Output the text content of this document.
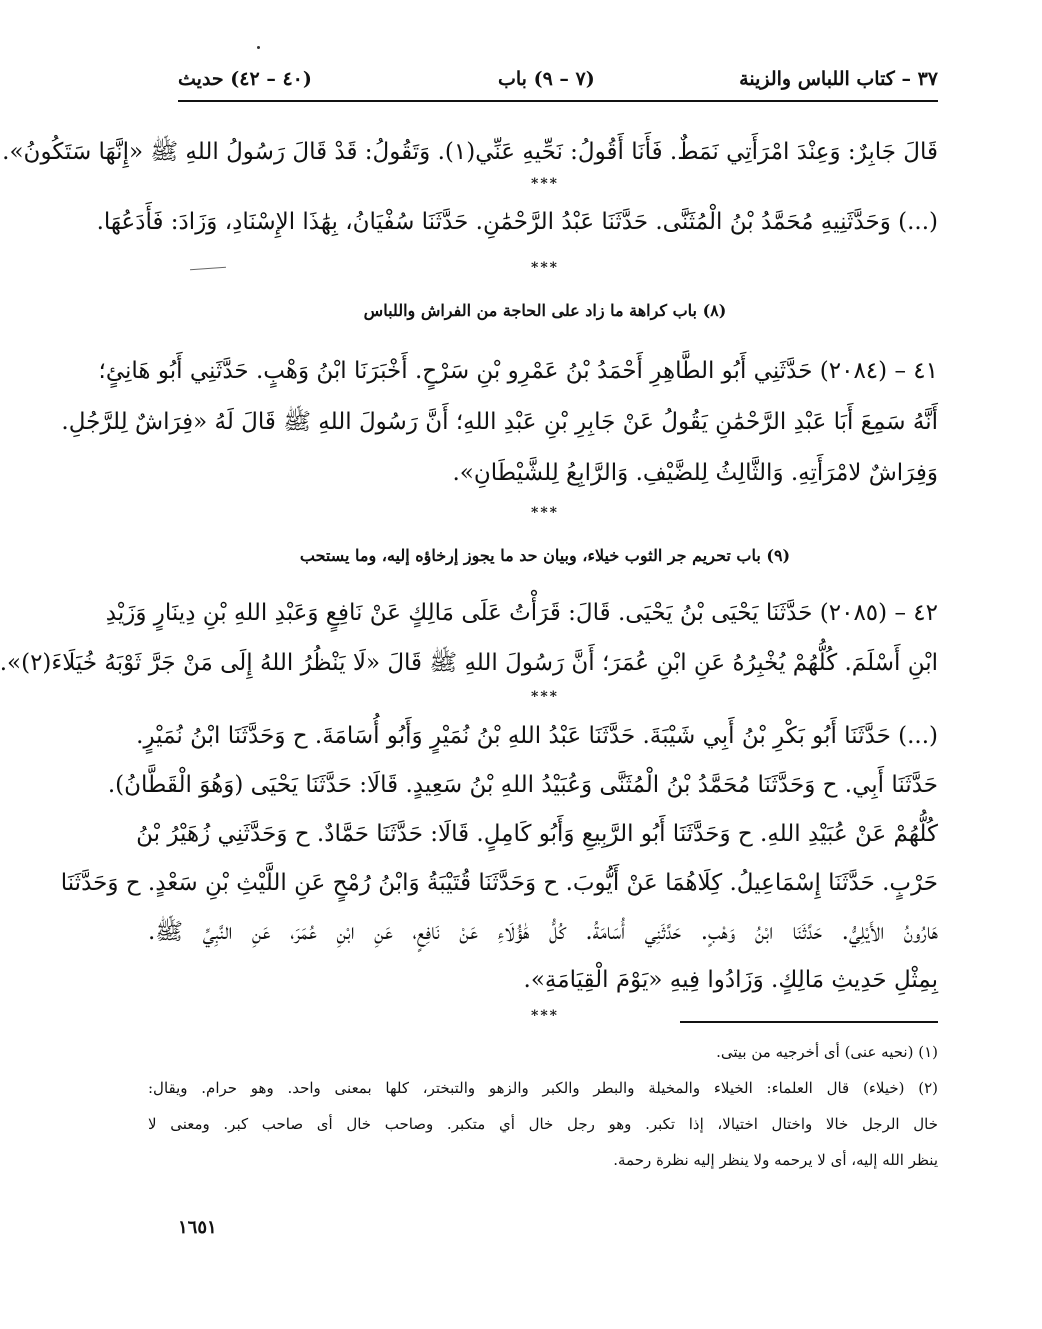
٣٧ – كتاب اللباس والزينة
(٧ – ٩) باب
(٤٠ – ٤٢) حديث
قَالَ جَابِرٌ: وَعِنْدَ امْرَأَتِي نَمَطٌ. فَأَنَا أَقُولُ: نَحِّيهِ عَنِّي(١). وَتَقُولُ: قَدْ قَالَ رَسُولُ اللهِ ﷺ «إِنَّهَا سَتَكُونُ».
***
(...) وَحَدَّثَنِيهِ مُحَمَّدُ بْنُ الْمُثَنَّى. حَدَّثَنَا عَبْدُ الرَّحْمَٰنِ. حَدَّثَنَا سُفْيَانُ، بِهَٰذَا الإِسْنَادِ، وَزَادَ: فَأَدَعُهَا.
***
(٨) باب كراهة ما زاد على الحاجة من الفراش واللباس
٤١ – (٢٠٨٤) حَدَّثَنِي أَبُو الطَّاهِرِ أَحْمَدُ بْنُ عَمْرِو بْنِ سَرْحٍ. أَخْبَرَنَا ابْنُ وَهْبٍ. حَدَّثَنِي أَبُو هَانِئٍ؛
أَنَّهُ سَمِعَ أَبَا عَبْدِ الرَّحْمَٰنِ يَقُولُ عَنْ جَابِرِ بْنِ عَبْدِ اللهِ؛ أَنَّ رَسُولَ اللهِ ﷺ قَالَ لَهُ «فِرَاشٌ لِلرَّجُلِ.
وَفِرَاشٌ لامْرَأَتِهِ. وَالثَّالِثُ لِلضَّيْفِ. وَالرَّابِعُ لِلشَّيْطَانِ».
***
(٩) باب تحريم جر الثوب خيلاء، وبيان حد ما يجوز إرخاؤه إليه، وما يستحب
٤٢ – (٢٠٨٥) حَدَّثَنَا يَحْيَى بْنُ يَحْيَى. قَالَ: قَرَأْتُ عَلَى مَالِكٍ عَنْ نَافِعٍ وَعَبْدِ اللهِ بْنِ دِينَارٍ وَزَيْدِ
ابْنِ أَسْلَمَ. كُلُّهُمْ يُخْبِرُهُ عَنِ ابْنِ عُمَرَ؛ أَنَّ رَسُولَ اللهِ ﷺ قَالَ «لَا يَنْظُرُ اللهُ إِلَى مَنْ جَرَّ ثَوْبَهُ خُيَلَاءَ(٢)».
***
(...) حَدَّثَنَا أَبُو بَكْرِ بْنُ أَبِي شَيْبَةَ. حَدَّثَنَا عَبْدُ اللهِ بْنُ نُمَيْرٍ وَأَبُو أُسَامَةَ. ح وَحَدَّثَنَا ابْنُ نُمَيْرٍ.
حَدَّثَنَا أَبِي. ح وَحَدَّثَنَا مُحَمَّدُ بْنُ الْمُثَنَّى وَعُبَيْدُ اللهِ بْنُ سَعِيدٍ. قَالَا: حَدَّثَنَا يَحْيَى (وَهُوَ الْقَطَّانُ).
كُلُّهُمْ عَنْ عُبَيْدِ اللهِ. ح وَحَدَّثَنَا أَبُو الرَّبِيعِ وَأَبُو كَامِلٍ. قَالَا: حَدَّثَنَا حَمَّادٌ. ح وَحَدَّثَنِي زُهَيْرُ بْنُ
حَرْبٍ. حَدَّثَنَا إِسْمَاعِيلُ. كِلَاهُمَا عَنْ أَيُّوبَ. ح وَحَدَّثَنَا قُتَيْبَةُ وَابْنُ رُمْحٍ عَنِ اللَّيْثِ بْنِ سَعْدٍ. ح وَحَدَّثَنَا
هَارُونُ الأَيْلِيُّ. حَدَّثَنَا ابْنُ وَهْبٍ. حَدَّثَنِي أُسَامَةُ. كُلُّ هَٰؤُلَاءِ عَنْ نَافِعٍ، عَنِ ابْنِ عُمَرَ، عَنِ النَّبِيِّ ﷺ.
بِمِثْلِ حَدِيثِ مَالِكٍ. وَزَادُوا فِيهِ «يَوْمَ الْقِيَامَةِ».
***
(١) (نحيه عنى) أى أخرجيه من بيتى.
(٢) (خيلاء) قال العلماء: الخيلاء والمخيلة والبطر والكبر والزهو والتبختر، كلها بمعنى واحد. وهو حرام. ويقال:
خال الرجل خالا واختال اختيالا، إذا تكبر. وهو رجل خال أي متكبر. وصاحب خال أى صاحب كبر. ومعنى لا
ينظر الله إليه، أى لا يرحمه ولا ينظر إليه نظرة رحمة.
١٦٥١
